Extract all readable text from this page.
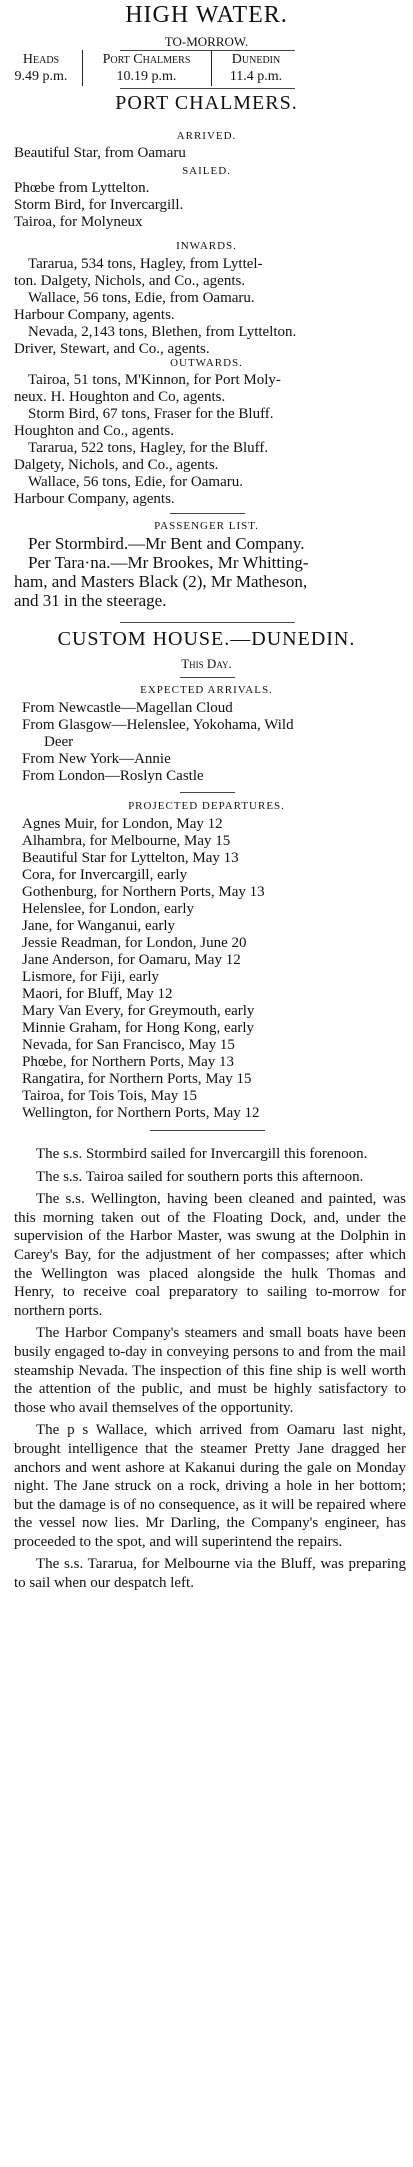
HIGH WATER.
TO-MORROW.
Heads
9.49 p.m.
Port Chalmers
10.19 p.m.
Dunedin
11.4 p.m.
PORT CHALMERS.
ARRIVED.
Beautiful Star, from Oamaru
SAILED.
Phœbe from Lyttelton.
Storm Bird, for Invercargill.
Tairoa, for Molyneux
INWARDS.
Tararua, 534 tons, Hagley, from Lyttel-
ton. Dalgety, Nichols, and Co., agents.
Wallace, 56 tons, Edie, from Oamaru.
Harbour Company, agents.
Nevada, 2,143 tons, Blethen, from Lyttelton.
Driver, Stewart, and Co., agents.
OUTWARDS.
Tairoa, 51 tons, M'Kinnon, for Port Moly-
neux. H. Houghton and Co, agents.
Storm Bird, 67 tons, Fraser for the Bluff.
Houghton and Co., agents.
Tararua, 522 tons, Hagley, for the Bluff.
Dalgety, Nichols, and Co., agents.
Wallace, 56 tons, Edie, for Oamaru.
Harbour Company, agents.
PASSENGER LIST.
Per Stormbird.—Mr Bent and Company.
Per Tara·na.—Mr Brookes, Mr Whitting-
ham, and Masters Black (2), Mr Matheson,
and 31 in the steerage.
CUSTOM HOUSE.—DUNEDIN.
This Day.
EXPECTED ARRIVALS.
From Newcastle—Magellan Cloud
From Glasgow—Helenslee, Yokohama, Wild
Deer
From New York—Annie
From London—Roslyn Castle
PROJECTED DEPARTURES.
Agnes Muir, for London, May 12
Alhambra, for Melbourne, May 15
Beautiful Star for Lyttelton, May 13
Cora, for Invercargill, early
Gothenburg, for Northern Ports, May 13
Helenslee, for London, early
Jane, for Wanganui, early
Jessie Readman, for London, June 20
Jane Anderson, for Oamaru, May 12
Lismore, for Fiji, early
Maori, for Bluff, May 12
Mary Van Every, for Greymouth, early
Minnie Graham, for Hong Kong, early
Nevada, for San Francisco, May 15
Phœbe, for Northern Ports, May 13
Rangatira, for Northern Ports, May 15
Tairoa, for Tois Tois, May 15
Wellington, for Northern Ports, May 12

The s.s. Stormbird sailed for Invercargill this forenoon.

The s.s. Tairoa sailed for southern ports this afternoon.

The s.s. Wellington, having been cleaned and painted, was this morning taken out of the Floating Dock, and, under the supervision of the Harbor Master, was swung at the Dolphin in Carey's Bay, for the adjustment of her compasses; after which the Wellington was placed alongside the hulk Thomas and Henry, to receive coal preparatory to sailing to-morrow for northern ports.

The Harbor Company's steamers and small boats have been busily engaged to-day in conveying persons to and from the mail steamship Nevada. The inspection of this fine ship is well worth the attention of the public, and must be highly satisfactory to those who avail themselves of the opportunity.

The p s Wallace, which arrived from Oamaru last night, brought intelligence that the steamer Pretty Jane dragged her anchors and went ashore at Kakanui during the gale on Monday night. The Jane struck on a rock, driving a hole in her bottom; but the damage is of no consequence, as it will be repaired where the vessel now lies. Mr Darling, the Company's engineer, has proceeded to the spot, and will superintend the repairs.

The s.s. Tararua, for Melbourne via the Bluff, was preparing to sail when our despatch left.
